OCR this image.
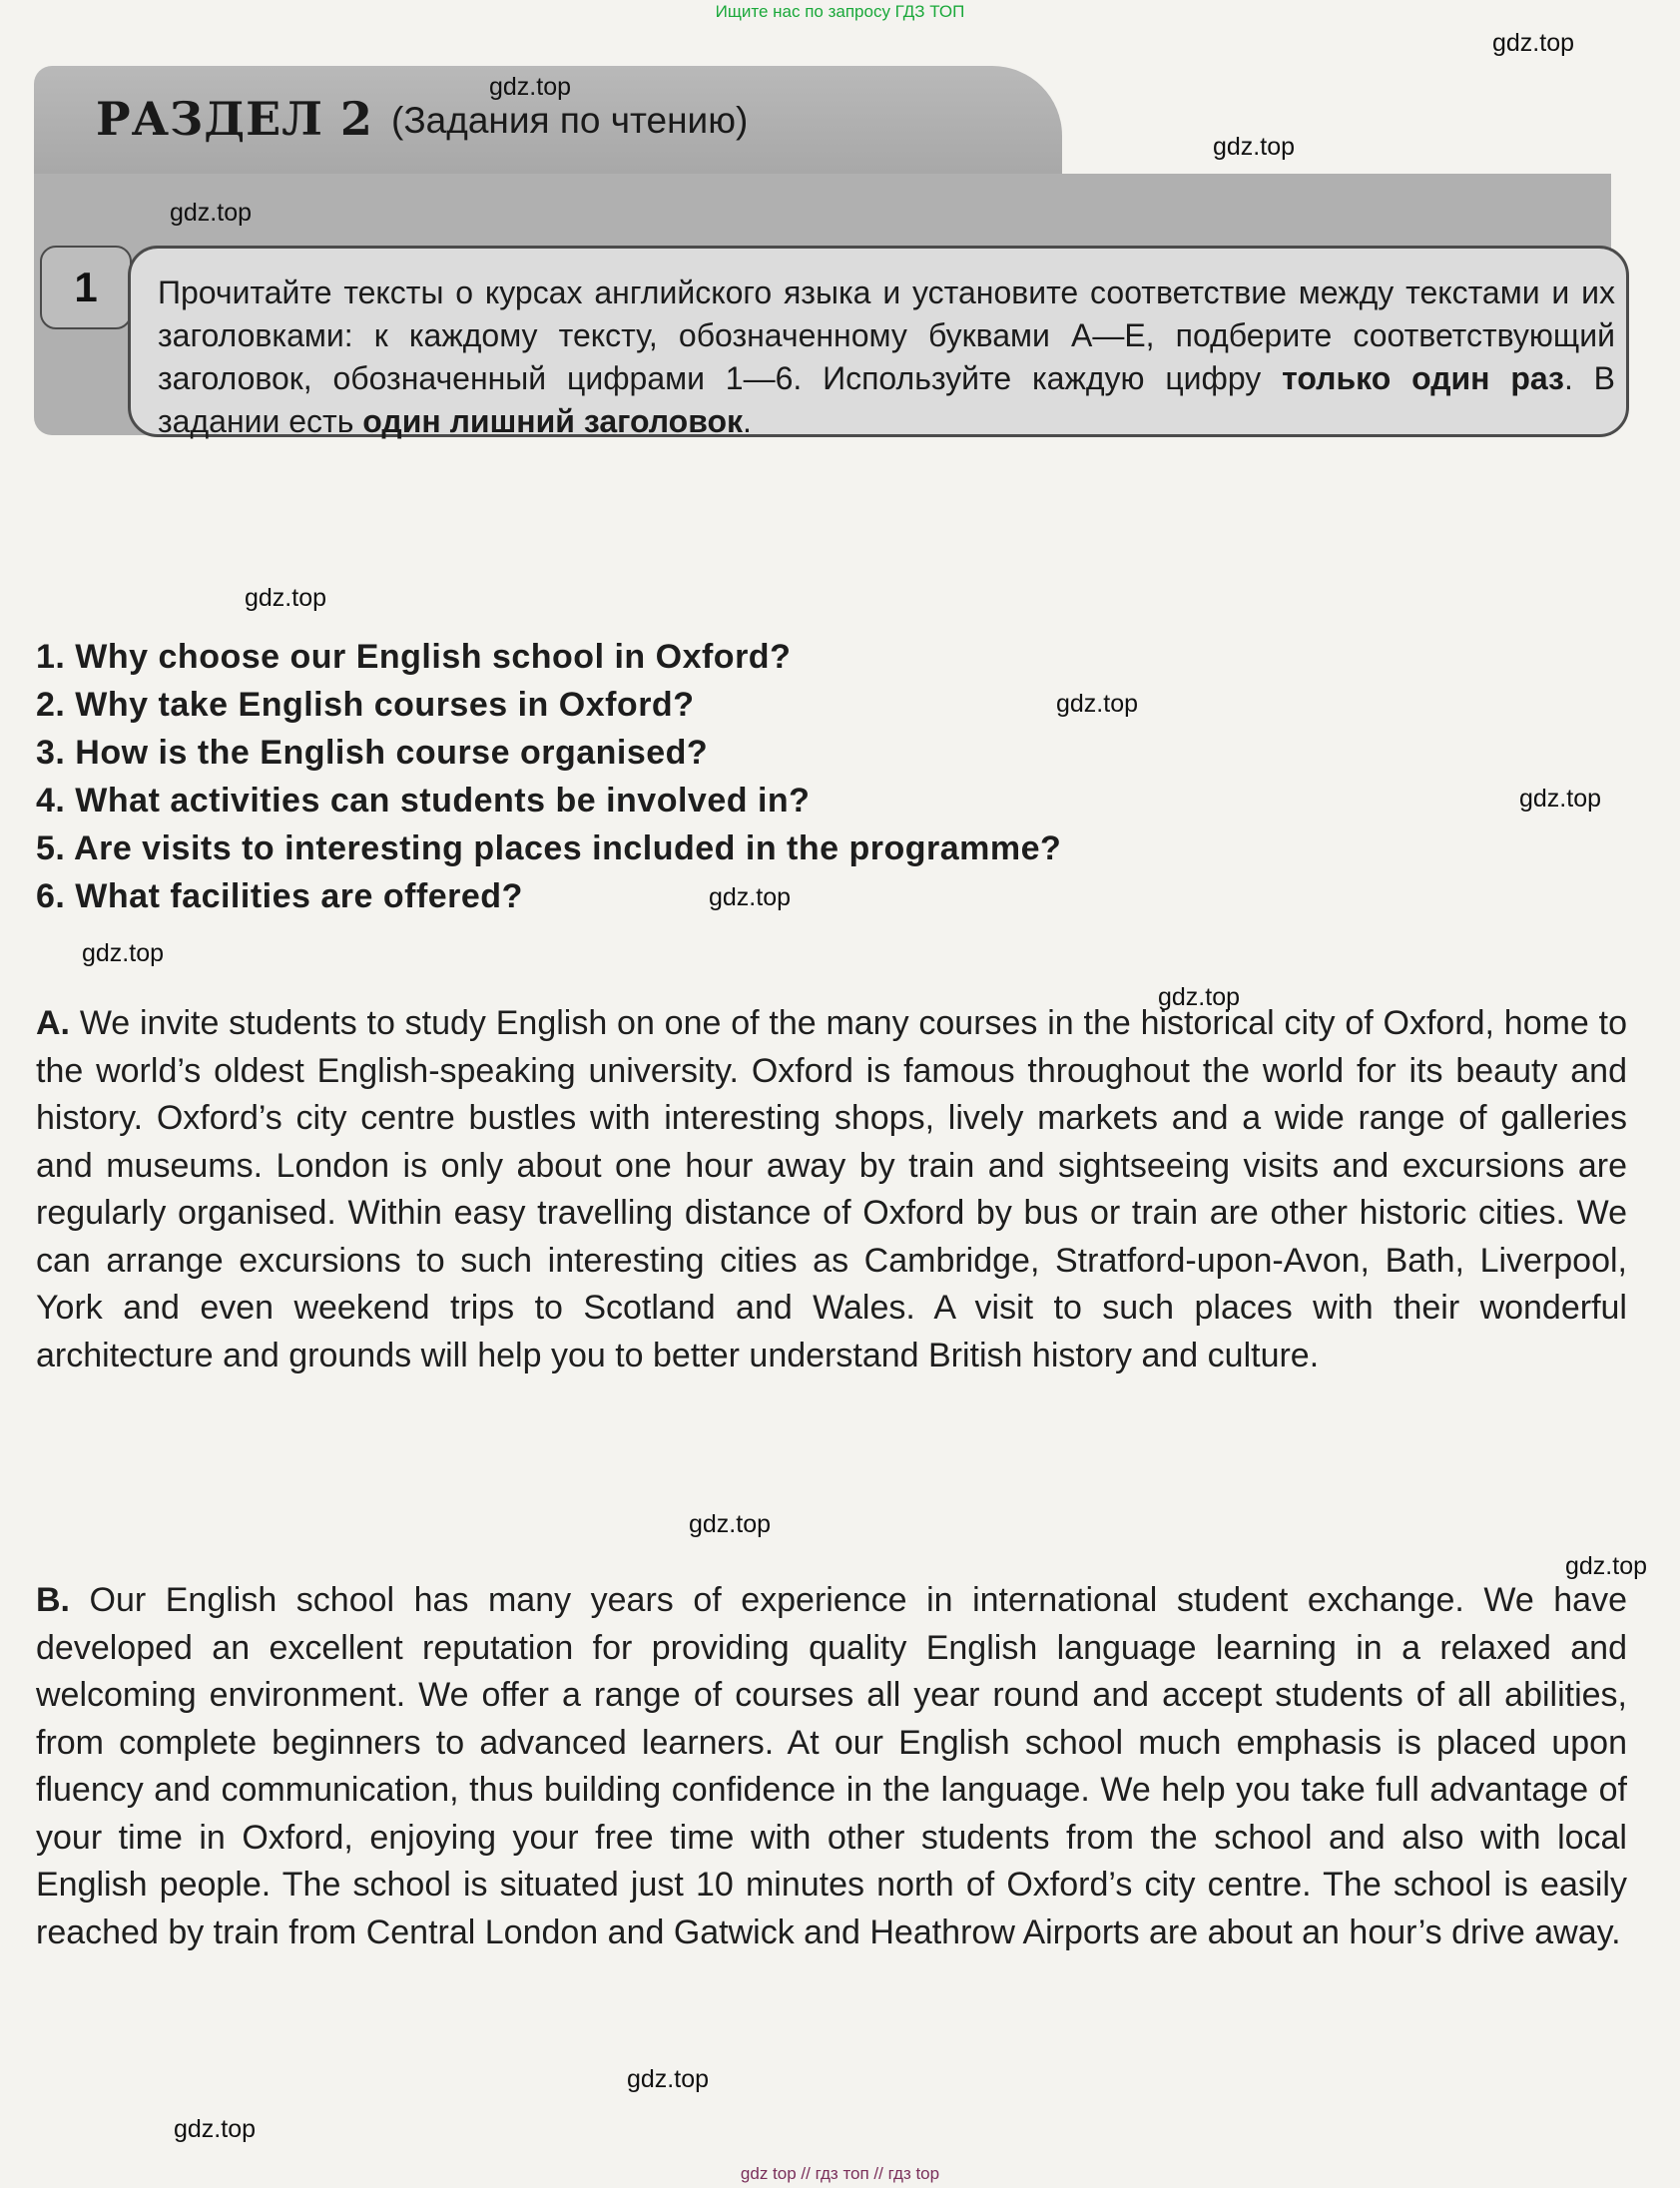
Ищите нас по запросу ГДЗ ТОП
РАЗДЕЛ 2 (Задания по чтению)
1	Прочитайте тексты о курсах английского языка и установите соответствие между текстами и их заголовками: к каждому тексту, обозначенному буквами А—Е, подберите соответствующий заголовок, обозначенный цифрами 1—6. Используйте каждую цифру только один раз. В задании есть один лишний заголовок.
1. Why choose our English school in Oxford?
2. Why take English courses in Oxford?
3. How is the English course organised?
4. What activities can students be involved in?
5. Are visits to interesting places included in the programme?
6. What facilities are offered?
A. We invite students to study English on one of the many courses in the historical city of Oxford, home to the world’s oldest English-speaking university. Oxford is famous throughout the world for its beauty and history. Oxford’s city centre bustles with interesting shops, lively markets and a wide range of galleries and museums. London is only about one hour away by train and sightseeing visits and excursions are regularly organised. Within easy travelling distance of Oxford by bus or train are other historic cities. We can arrange excursions to such interesting cities as Cambridge, Stratford-upon-Avon, Bath, Liverpool, York and even weekend trips to Scotland and Wales. A visit to such places with their wonderful architecture and grounds will help you to better understand British history and culture.
B. Our English school has many years of experience in international student exchange. We have developed an excellent reputation for providing quality English language learning in a relaxed and welcoming environment. We offer a range of courses all year round and accept students of all abilities, from complete beginners to advanced learners. At our English school much emphasis is placed upon fluency and communication, thus building confidence in the language. We help you take full advantage of your time in Oxford, enjoying your free time with other students from the school and also with local English people. The school is situated just 10 minutes north of Oxford’s city centre. The school is easily reached by train from Central London and Gatwick and Heathrow Airports are about an hour’s drive away.
gdz.top
gdz.top
gdz.top
gdz.top
gdz.top
gdz.top
gdz.top
gdz.top
gdz.top
gdz.top
gdz.top
gdz.top
gdz.top
gdz.top
gdz top // гдз топ // гдз top
